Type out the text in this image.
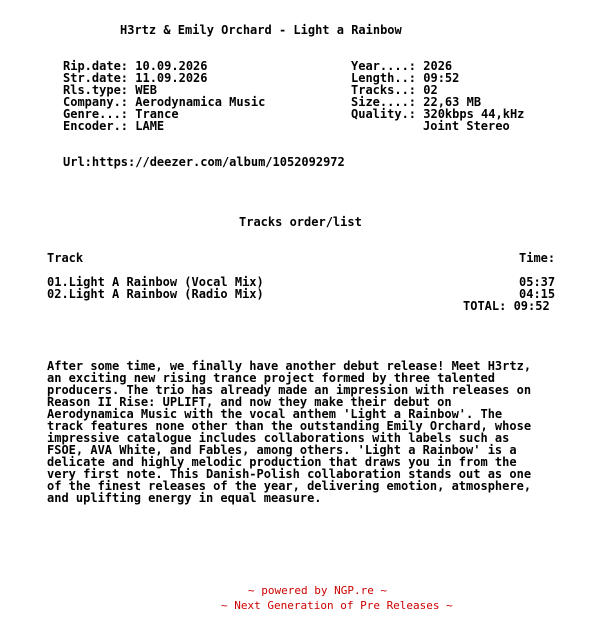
H3rtz & Emily Orchard - Light a Rainbow
Rip.date: 10.09.2026
Str.date: 11.09.2026
Rls.type: WEB
Company.: Aerodynamica Music
Genre...: Trance
Encoder.: LAME
Year....: 2026
Length..: 09:52
Tracks..: 02
Size....: 22,63 MB
Quality.: 320kbps 44,kHz
Joint Stereo
Url:https://deezer.com/album/1052092972
Tracks order/list
Track	Time:
01.Light A Rainbow (Vocal Mix)	05:37
02.Light A Rainbow (Radio Mix)	04:15
TOTAL: 09:52
After some time, we finally have another debut release! Meet H3rtz,
an exciting new rising trance project formed by three talented
producers. The trio has already made an impression with releases on
Reason II Rise: UPLIFT, and now they make their debut on
Aerodynamica Music with the vocal anthem 'Light a Rainbow'. The
track features none other than the outstanding Emily Orchard, whose
impressive catalogue includes collaborations with labels such as
FSOE, AVA White, and Fables, among others. 'Light a Rainbow' is a
delicate and highly melodic production that draws you in from the
very first note. This Danish-Polish collaboration stands out as one
of the finest releases of the year, delivering emotion, atmosphere,
and uplifting energy in equal measure.
~ powered by NGP.re ~
~ Next Generation of Pre Releases ~
